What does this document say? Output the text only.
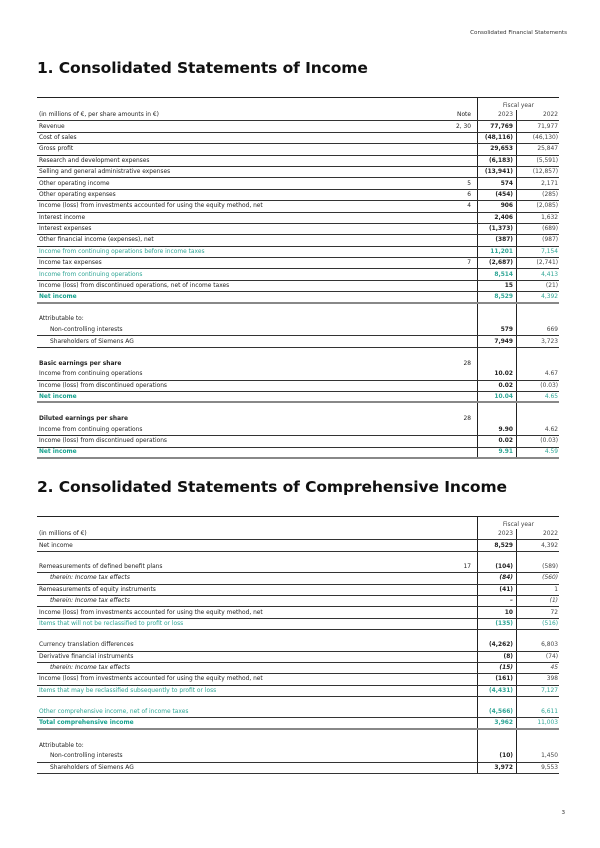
Consolidated Financial Statements
1. Consolidated Statements of Income
Fiscal year
(in millions of €, per share amounts in €)	Note	2023	2022
Revenue	2, 30	77,769	71,977
Cost of sales	(48,116)	(46,130)
Gross profit	29,653	25,847
Research and development expenses	(6,183)	(5,591)
Selling and general administrative expenses	(13,941)	(12,857)
Other operating income	5	574	2,171
Other operating expenses	6	(454)	(285)
Income (loss) from investments accounted for using the equity method, net	4	906	(2,085)
Interest income	2,406	1,632
Interest expenses	(1,373)	(689)
Other financial income (expenses), net	(387)	(987)
Income from continuing operations before income taxes	11,201	7,154
Income tax expenses	7	(2,687)	(2,741)
Income from continuing operations	8,514	4,413
Income (loss) from discontinued operations, net of income taxes	15	(21)
Net income	8,529	4,392
Attributable to:
Non-controlling interests	579	669
Shareholders of Siemens AG	7,949	3,723
Basic earnings per share	28
Income from continuing operations	10.02	4.67
Income (loss) from discontinued operations	0.02	(0.03)
Net income	10.04	4.65
Diluted earnings per share	28
Income from continuing operations	9.90	4.62
Income (loss) from discontinued operations	0.02	(0.03)
Net income	9.91	4.59
2. Consolidated Statements of Comprehensive Income
Fiscal year
(in millions of €)	2023	2022
Net income	8,529	4,392
Remeasurements of defined benefit plans	17	(104)	(589)
therein: Income tax effects	(84)	(560)
Remeasurements of equity instruments	(41)	1
therein: Income tax effects	–	(1)
Income (loss) from investments accounted for using the equity method, net	10	72
Items that will not be reclassified to profit or loss	(135)	(516)
Currency translation differences	(4,262)	6,803
Derivative financial instruments	(8)	(74)
therein: Income tax effects	(15)	45
Income (loss) from investments accounted for using the equity method, net	(161)	398
Items that may be reclassified subsequently to profit or loss	(4,431)	7,127
Other comprehensive income, net of income taxes	(4,566)	6,611
Total comprehensive income	3,962	11,003
Attributable to:
Non-controlling interests	(10)	1,450
Shareholders of Siemens AG	3,972	9,553
3
